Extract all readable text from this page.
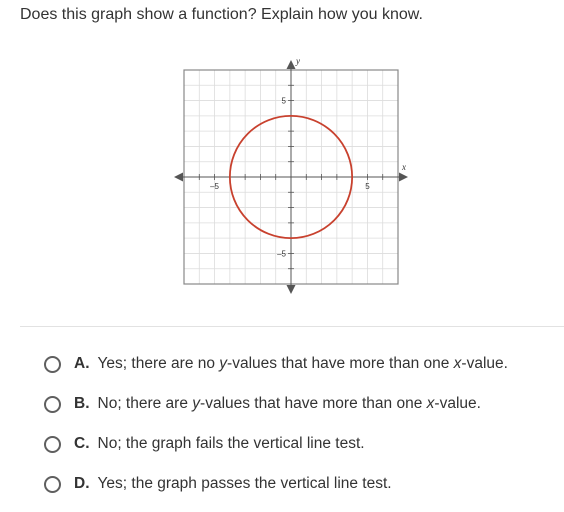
Does this graph show a function? Explain how you know.
–5	5
5
–5
x
y
A. Yes; there are no y-values that have more than one x-value.
B. No; there are y-values that have more than one x-value.
C. No; the graph fails the vertical line test.
D. Yes; the graph passes the vertical line test.
